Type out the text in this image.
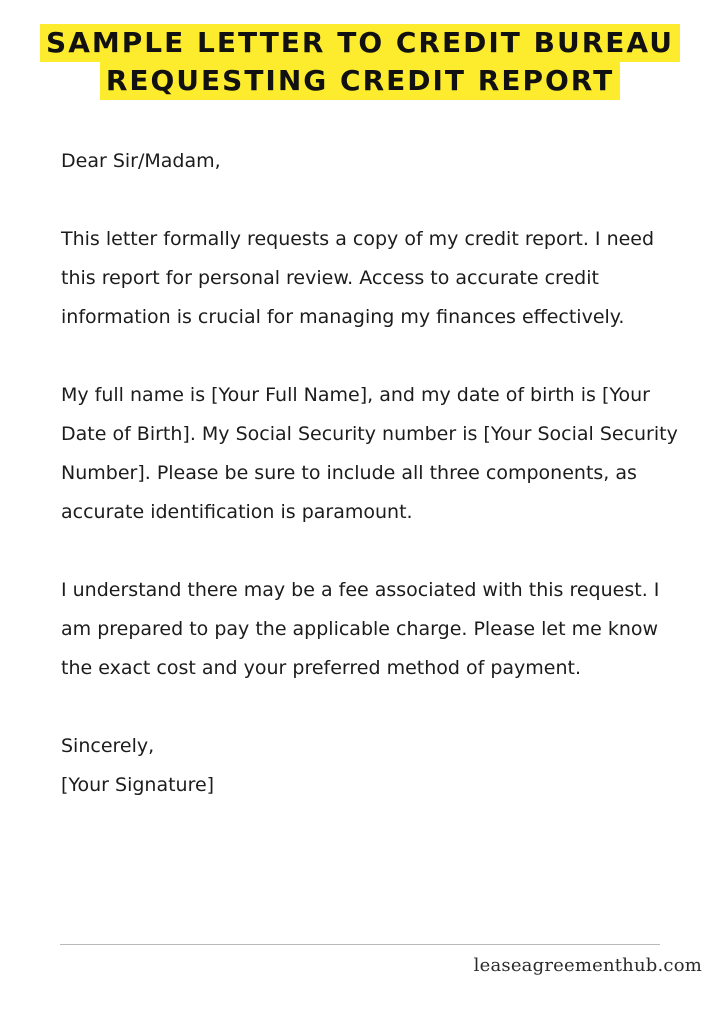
SAMPLE LETTER TO CREDIT BUREAU
REQUESTING CREDIT REPORT

Dear Sir/Madam,

This letter formally requests a copy of my credit report. I need this report for personal review. Access to accurate credit information is crucial for managing my finances effectively.

My full name is [Your Full Name], and my date of birth is [Your Date of Birth]. My Social Security number is [Your Social Security Number]. Please be sure to include all three components, as accurate identification is paramount.

I understand there may be a fee associated with this request. I am prepared to pay the applicable charge. Please let me know the exact cost and your preferred method of payment.

Sincerely,

[Your Signature]

leaseagreementhub.com
